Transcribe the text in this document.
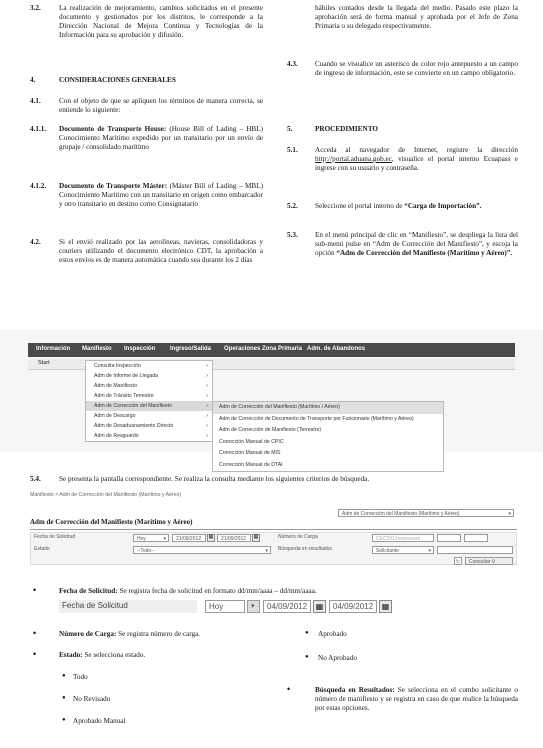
3.2.	La realización de mejoramiento, cambios solicitados en el presente documento y gestionados por los distritos, le corresponde a la Dirección Nacional de Mejora Continua y Tecnologías de la Información para su aprobación y difusión.
4.	CONSIDERACIONES GENERALES
4.1.	Con el objeto de que se apliquen los términos de manera correcta, se entiende lo siguiente:
4.1.1. Documento de Transporte House: (House Bill of Lading – HBL) Conocimiento Marítimo expedido por un transitario por un envío de grupaje / consolidado marítimo
4.1.2. Documento de Transporte Máster: (Máster Bill of Lading – MBL) Conocimiento Marítimo con un transitario en origen como embarcador y otro transitario en destino como Consignatario
4.2.	Si el envió realizado por las aerolíneas, navieras, consolidadoras y couriers utilizando el documento electrónico CDT, la aprobación a estos envíos es de manera automática cuando sea durante los 2 días
hábiles contados desde la llegada del medio. Pasado este plazo la aprobación será de forma manual y aprobada por el Jefe de Zona Primaria o su delegado respectivamente.
4.3. Cuando se visualice un asterisco de color rojo antepuesto a un campo de ingreso de información, este se convierte en un campo obligatorio.
5.	PROCEDIMIENTO
5.1. Acceda al navegador de Internet, registre la dirección http://portal.aduana.gob.ec, visualice el portal interno Ecuapass e ingrese con su usuario y contraseña.
5.2. Seleccione el portal interno de “Carga de Importación”.
5.3. En el menú principal de clic en “Manifiesto”, se despliega la lista del sub-menú pulse en “Adm de Corrección del Manifiesto”, y escoja la opción “Adm de Corrección del Manifiesto (Marítimo y Aéreo)”.
Información Manifiesto Inspección Ingreso/Salida Operaciones Zona Primaria Adm. de Abandonos
Start	Consulta Inspección	›
Adm de Informe de Llegada	›
Adm de Manifiesto	›
Adm de Tránsito Terrestre	›
Adm de Corrección del Manifiesto	›
Adm de Descargo	›
Adm de Desaduanamiento Directo	›
Adm de Resguardo	›
Adm de Corrección del Manifiesto (Marítimo / Aéreo)
Adm de Corrección de Documento de Transporte por Funcionario (Marítimo y Aéreo)
Adm de Corrección de Manifiesto (Terrestre)
Corrección Manual de CPIC
Corrección Manual de MIS
Corrección Manual de DTAI
5.4.	Se presenta la pantalla correspondiente. Se realiza la consulta mediante los siguientes criterios de búsqueda.
Manifiesto > Adm de Corrección del Manifiesto (Marítimo y Aéreo)
Adm de Corrección del Manifiesto (Marítimo y Aéreo)	▾
Adm de Corrección del Manifiesto (Marítimo y Aéreo)
Fecha de Solicitud	Hoy	▾	21/09/2012	▦	21/09/2012	▦	Número de Carga	CEC2012xxxxxxxxx
Estado	--Todo--	▾ Búsqueda en resultados	Solicitante	▾
↻	Consultar ⚲
•	Fecha de Solicitud: Se registra fecha de solicitud en formato dd/mm/aaaa – dd/mm/aaaa.
Fecha de Solicitud	Hoy	▾	04/09/2012	▦	04/09/2012	▦
•	Número de Carga: Se registra número de carga.
•	Estado: Se selecciona estado.
● Todo
● No Revisado
● Aprobado Manual
● Aprobado
● No Aprobado
•	Búsqueda en Resultados: Se selecciona en el combo solicitante o número de manifiesto y se registra en caso de que realice la búsqueda por estas opciones.
